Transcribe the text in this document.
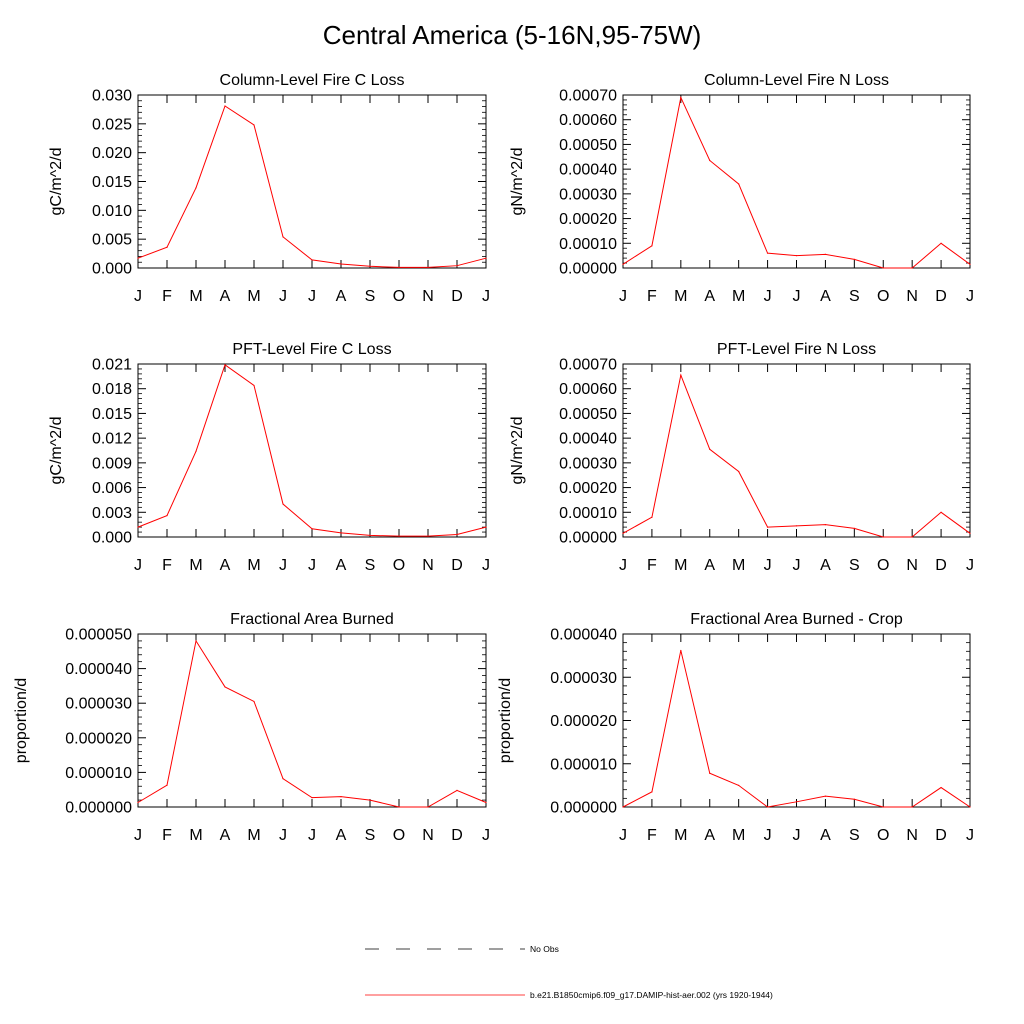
Central America (5-16N,95-75W)
No Obs
b.e21.B1850cmip6.f09_g17.DAMIP-hist-aer.002 (yrs 1920-1944)
Column-Level Fire C Loss
gC/m^2/d
0.000
0.005
0.010
0.015
0.020
0.025
0.030
J F M A M J J A S O N D J
Column-Level Fire N Loss
gN/m^2/d
0.00000
0.00010
0.00020
0.00030
0.00040
0.00050
0.00060
0.00070
J F M A M J J A S O N D J
PFT-Level Fire C Loss
gC/m^2/d
0.000
0.003
0.006
0.009
0.012
0.015
0.018
0.021
J F M A M J J A S O N D J
PFT-Level Fire N Loss
gN/m^2/d
0.00000
0.00010
0.00020
0.00030
0.00040
0.00050
0.00060
0.00070
J F M A M J J A S O N D J
Fractional Area Burned
proportion/d
0.000000
0.000010
0.000020
0.000030
0.000040
0.000050
J F M A M J J A S O N D J
Fractional Area Burned - Crop
proportion/d
0.000000
0.000010
0.000020
0.000030
0.000040
J F M A M J J A S O N D J
